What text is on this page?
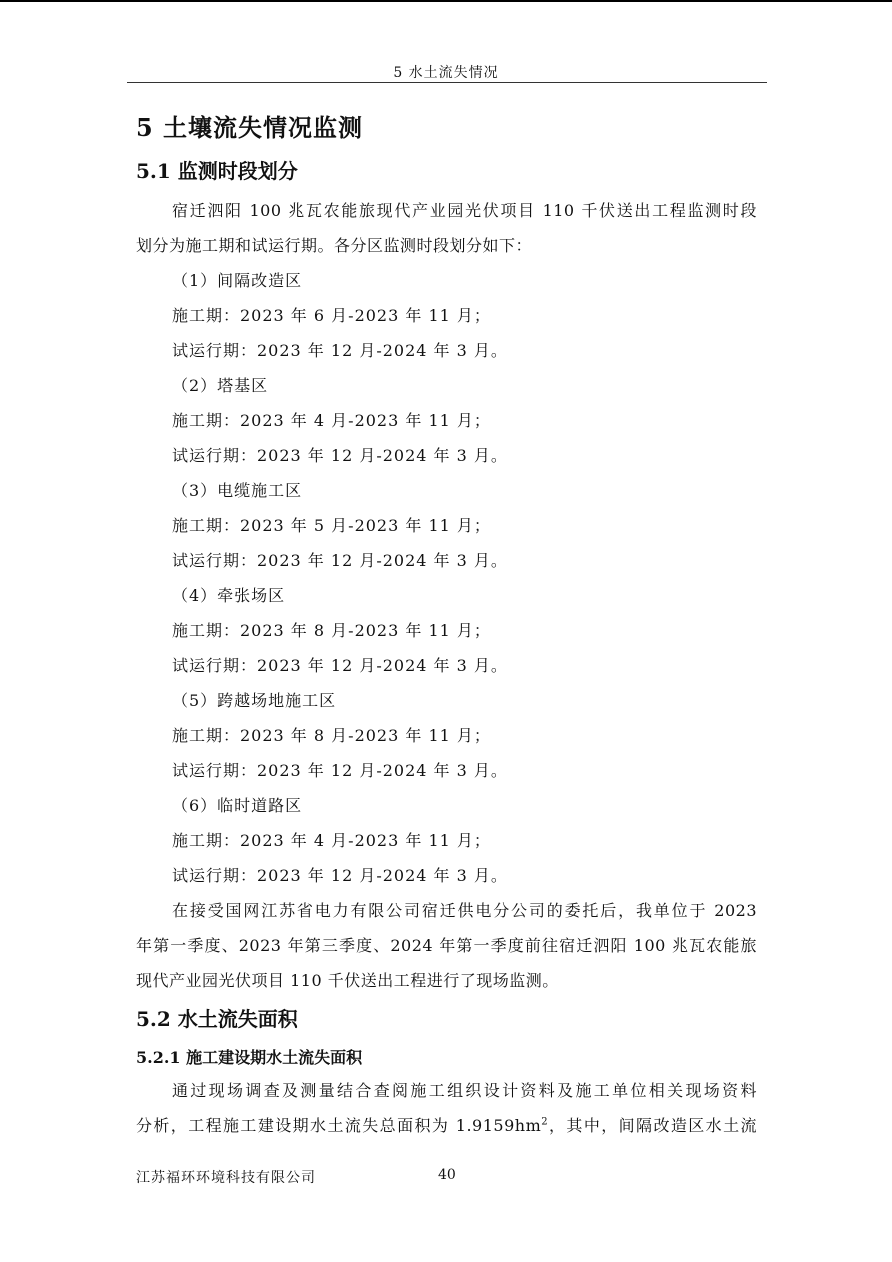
5 水土流失情况
5 土壤流失情况监测
5.1 监测时段划分
宿迁泗阳 100 兆瓦农能旅现代产业园光伏项目 110 千伏送出工程监测时段
划分为施工期和试运行期。各分区监测时段划分如下：
（1）间隔改造区
施工期：2023 年 6 月-2023 年 11 月；
试运行期：2023 年 12 月-2024 年 3 月。
（2）塔基区
施工期：2023 年 4 月-2023 年 11 月；
试运行期：2023 年 12 月-2024 年 3 月。
（3）电缆施工区
施工期：2023 年 5 月-2023 年 11 月；
试运行期：2023 年 12 月-2024 年 3 月。
（4）牵张场区
施工期：2023 年 8 月-2023 年 11 月；
试运行期：2023 年 12 月-2024 年 3 月。
（5）跨越场地施工区
施工期：2023 年 8 月-2023 年 11 月；
试运行期：2023 年 12 月-2024 年 3 月。
（6）临时道路区
施工期：2023 年 4 月-2023 年 11 月；
试运行期：2023 年 12 月-2024 年 3 月。
在接受国网江苏省电力有限公司宿迁供电分公司的委托后，我单位于 2023
年第一季度、2023 年第三季度、2024 年第一季度前往宿迁泗阳 100 兆瓦农能旅
现代产业园光伏项目 110 千伏送出工程进行了现场监测。
5.2 水土流失面积
5.2.1 施工建设期水土流失面积
通过现场调查及测量结合查阅施工组织设计资料及施工单位相关现场资料
分析，工程施工建设期水土流失总面积为 $1.9159hm^2$，其中，间隔改造区水土流
江苏福环环境科技有限公司	40
